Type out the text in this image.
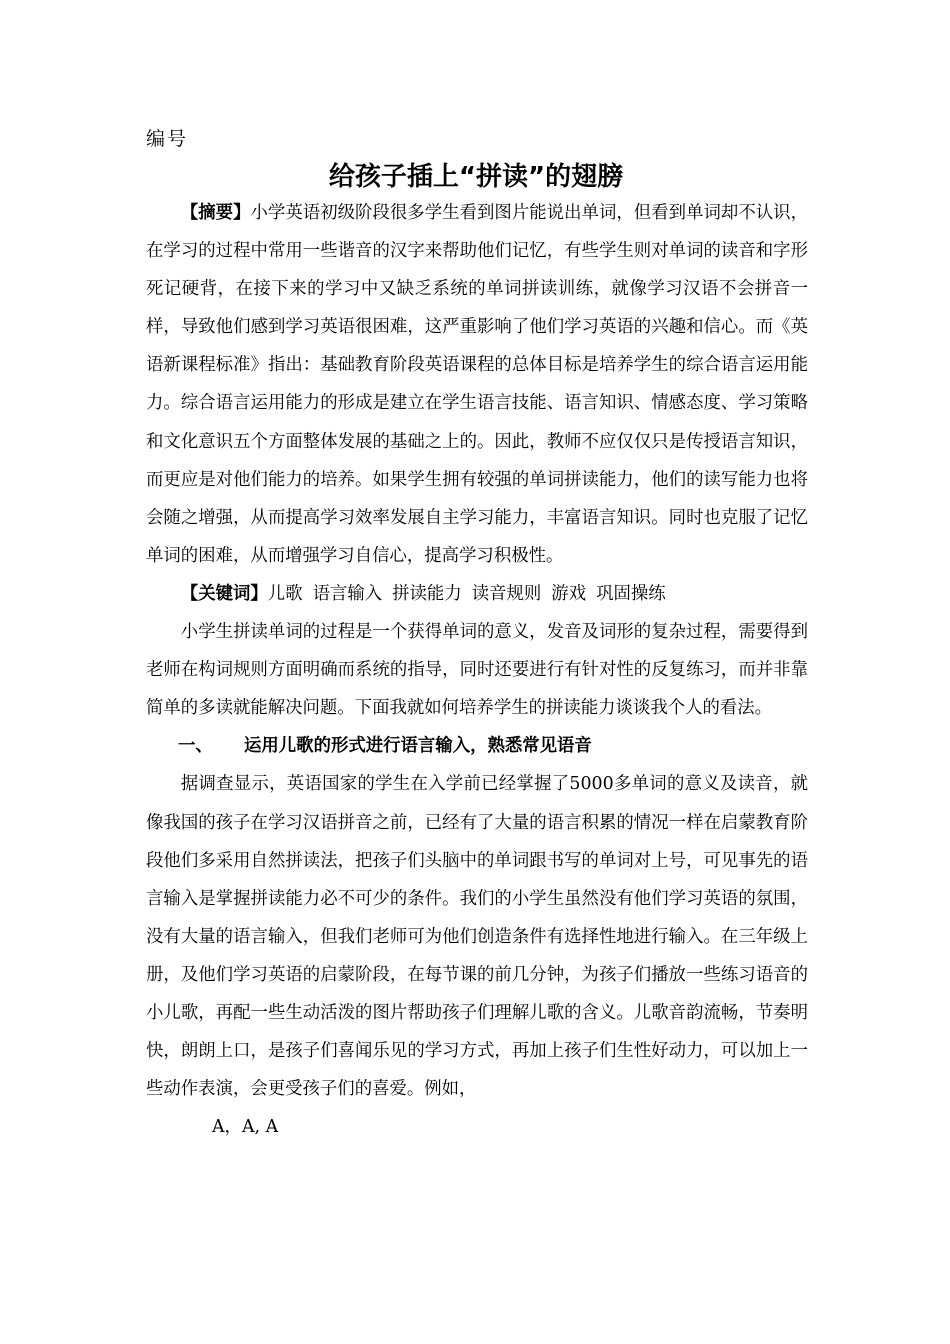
编号
给孩子插上“拼读”的翅膀

【摘要】小学英语初级阶段很多学生看到图片能说出单词，但看到单词却不认识，在学习的过程中常用一些谐音的汉字来帮助他们记忆，有些学生则对单词的读音和字形死记硬背，在接下来的学习中又缺乏系统的单词拼读训练，就像学习汉语不会拼音一样，导致他们感到学习英语很困难，这严重影响了他们学习英语的兴趣和信心。而《英语新课程标准》指出：基础教育阶段英语课程的总体目标是培养学生的综合语言运用能力。综合语言运用能力的形成是建立在学生语言技能、语言知识、情感态度、学习策略和文化意识五个方面整体发展的基础之上的。因此，教师不应仅仅只是传授语言知识，而更应是对他们能力的培养。如果学生拥有较强的单词拼读能力，他们的读写能力也将会随之增强，从而提高学习效率发展自主学习能力，丰富语言知识。同时也克服了记忆单词的困难，从而增强学习自信心，提高学习积极性。

【关键词】儿歌 语言输入 拼读能力 读音规则 游戏 巩固操练

小学生拼读单词的过程是一个获得单词的意义，发音及词形的复杂过程，需要得到老师在构词规则方面明确而系统的指导，同时还要进行有针对性的反复练习，而并非靠简单的多读就能解决问题。下面我就如何培养学生的拼读能力谈谈我个人的看法。

一、 运用儿歌的形式进行语言输入，熟悉常见语音

据调查显示，英语国家的学生在入学前已经掌握了5000多单词的意义及读音，就像我国的孩子在学习汉语拼音之前，已经有了大量的语言积累的情况一样在启蒙教育阶段他们多采用自然拼读法，把孩子们头脑中的单词跟书写的单词对上号，可见事先的语言输入是掌握拼读能力必不可少的条件。我们的小学生虽然没有他们学习英语的氛围，没有大量的语言输入，但我们老师可为他们创造条件有选择性地进行输入。在三年级上册，及他们学习英语的启蒙阶段，在每节课的前几分钟，为孩子们播放一些练习语音的小儿歌，再配一些生动活泼的图片帮助孩子们理解儿歌的含义。儿歌音韵流畅，节奏明快，朗朗上口，是孩子们喜闻乐见的学习方式，再加上孩子们生性好动力，可以加上一些动作表演，会更受孩子们的喜爱。例如，

A，A, A
